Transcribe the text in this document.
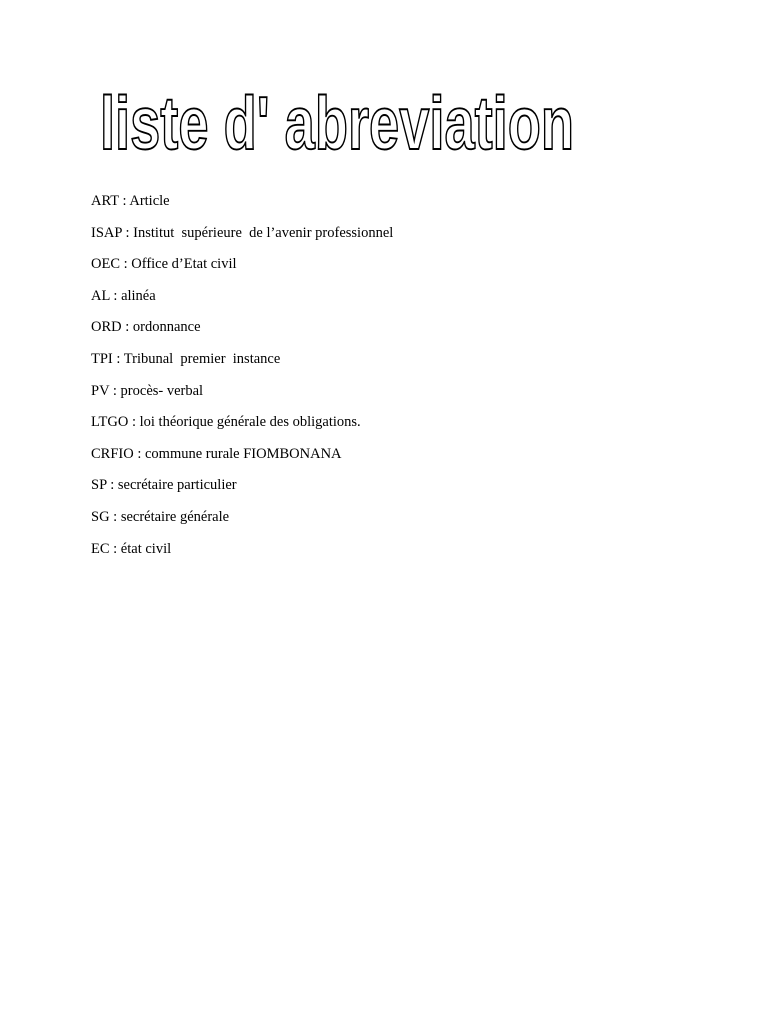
liste d' abreviation
ART : Article
ISAP : Institut  supérieure  de l’avenir professionnel
OEC : Office d’Etat civil
AL : alinéa
ORD : ordonnance
TPI : Tribunal  premier  instance
PV : procès- verbal
LTGO : loi théorique générale des obligations.
CRFIO : commune rurale FIOMBONANA
SP : secrétaire particulier
SG : secrétaire générale
EC : état civil
